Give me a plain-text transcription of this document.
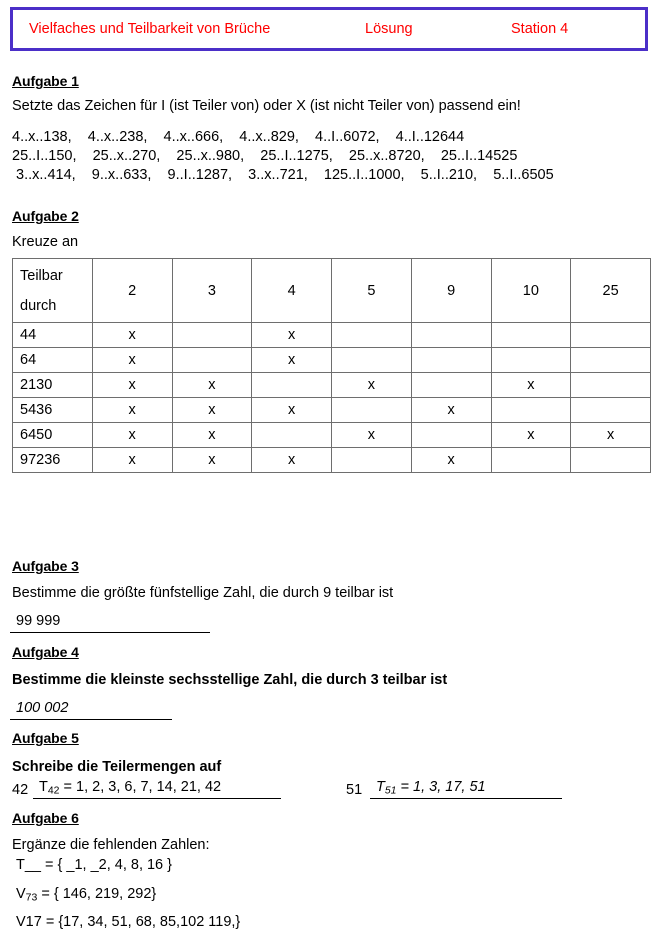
Vielfaches und Teilbarkeit von Brüche	Lösung	Station 4
Aufgabe 1
Setzte das Zeichen für I (ist Teiler von) oder X (ist nicht Teiler von) passend ein!
4..x..138,    4..x..238,    4..x..666,    4..x..829,    4..I..6072,    4..I..12644
25..I..150,    25..x..270,    25..x..980,    25..I..1275,    25..x..8720,    25..I..14525
3..x..414,    9..x..633,    9..I..1287,    3..x..721,    125..I..1000,    5..I..210,    5..I..6505
Aufgabe 2
Kreuze an
Teilbar
durch	2	3	4	5	9	10	25
44	x		x				
64	x		x				
2130	x	x		x		x	
5436	x	x	x		x		
6450	x	x		x		x	x
97236	x	x	x		x		
Aufgabe 3
Bestimme die größte fünfstellige Zahl, die durch 9 teilbar ist
99 999
Aufgabe 4
Bestimme die kleinste sechsstellige Zahl, die durch 3 teilbar ist
100 002
Aufgabe 5
Schreibe die Teilermengen auf
42 $T_{42} = 1$, 2, 3, 6, 7, 14, 21, 42	51 $T_{51} = 1$, 3, 17, 51
Aufgabe 6
Ergänze die fehlenden Zahlen:
T__ = { _1, _2, 4, 8, 16 }
$V_{73}$ = { 146, 219, 292}
V17 = {17, 34, 51, 68, 85,102 119,}
